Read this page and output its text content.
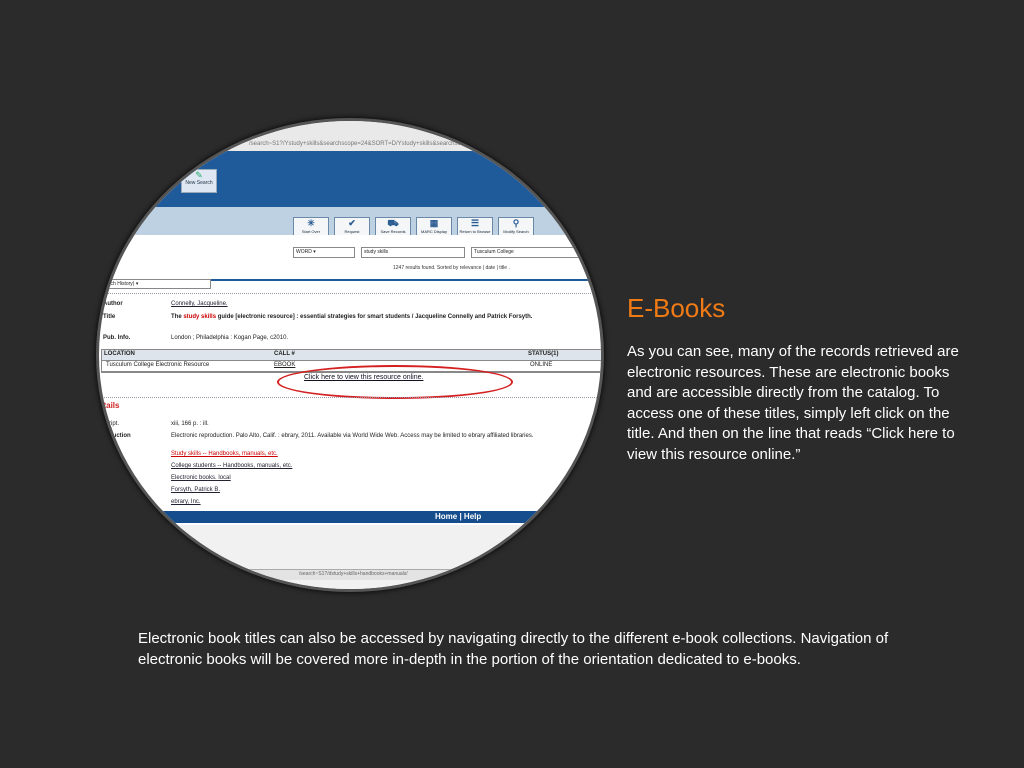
/search~S1?/Ystudy+skills&searchscope=24&SORT=D/Ystudy+skills&searchscope=24&SORT=D&SUBKEY=study+skills
✎
New Search
✳
Start Over
✔
Request
⛟
Save Records
▦
MARC Display
☰
Return to Browse
⚲
Modify Search
WORD ▾	study skills	Tusculum College
1247 results found. Sorted by relevance | date | title .
Search History) ▾
Author	Connelly, Jacqueline.
Title	The study skills guide [electronic resource] : essential strategies for smart students / Jacqueline Connelly and Patrick Forsyth.
Pub. Info.	London ; Philadelphia : Kogan Page, c2010.
LOCATION	CALL #	STATUS(1)
Tusculum College Electronic Resource	EBOOK	ONLINE
Click here to view this resource online.
etails
script.	xiii, 166 p. : ill.
roduction	Electronic reproduction. Palo Alto, Calif. : ebrary, 2011. Available via World Wide Web. Access may be limited to ebrary affiliated libraries.
Study skills -- Handbooks, manuals, etc.
College students -- Handbooks, manuals, etc.
Electronic books. local
Forsyth, Patrick B.
ebrary, Inc.
Home | Help
/search~S1?/dstudy+skills+handbooks+manuals/
E-Books
As you can see, many of the records retrieved are electronic resources. These are electronic books and are accessible directly from the catalog. To access one of these titles, simply left click on the title. And then on the line that reads “Click here to view this resource online.”
Electronic book titles can also be accessed by navigating directly to the different e-book collections. Navigation of electronic books will be covered more in-depth in the portion of the orientation dedicated to e-books.
